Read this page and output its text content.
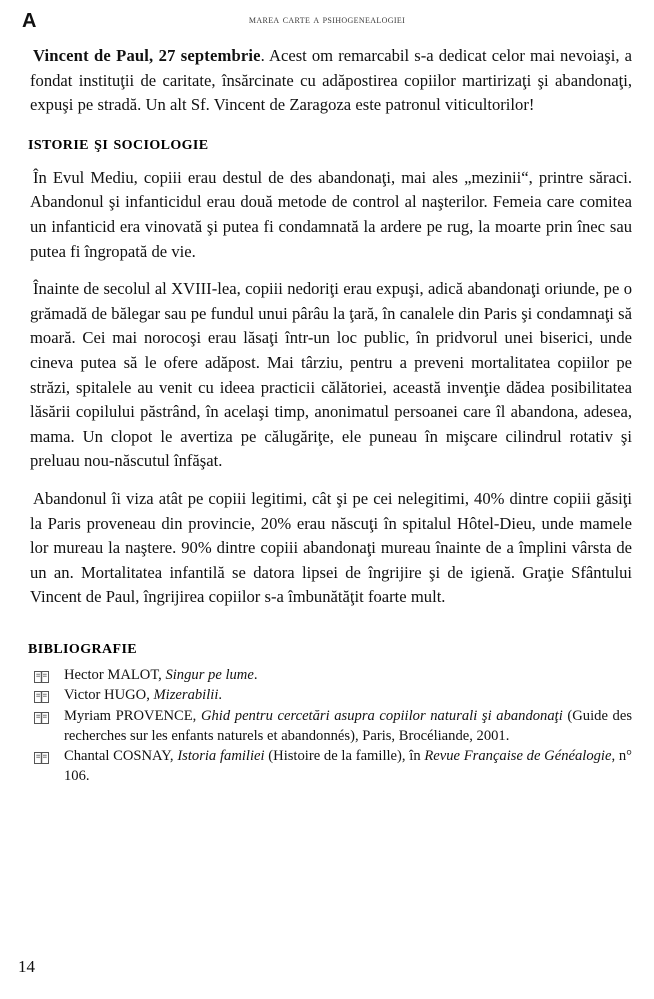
A	marea carte a psihogenealogiei

Vincent de Paul, 27 septembrie. Acest om remarcabil s-a dedicat celor mai nevoiaşi, a fondat instituţii de caritate, însărcinate cu adăpostirea copiilor martirizaţi şi abandonaţi, expuşi pe stradă. Un alt Sf. Vincent de Zaragoza este patronul viticultorilor!

istorie şi sociologie

În Evul Mediu, copiii erau destul de des abandonaţi, mai ales „mezinii“, printre săraci. Abandonul şi infanticidul erau două metode de control al naşterilor. Femeia care comitea un infanticid era vinovată şi putea fi condamnată la ardere pe rug, la moarte prin înec sau putea fi îngropată de vie.

Înainte de secolul al XVIII-lea, copiii nedoriţi erau expuşi, adică abandonaţi oriunde, pe o grămadă de bălegar sau pe fundul unui pârâu la ţară, în canalele din Paris şi condamnaţi să moară. Cei mai norocoşi erau lăsaţi într-un loc public, în pridvorul unei biserici, unde cineva putea să le ofere adăpost. Mai târziu, pentru a preveni mortalitatea copiilor pe străzi, spitalele au venit cu ideea practicii călătoriei, această invenţie dădea posibilitatea lăsării copilului păstrând, în acelaşi timp, anonimatul persoanei care îl abandona, adesea, mama. Un clopot le avertiza pe călugăriţe, ele puneau în mişcare cilindrul rotativ şi preluau nou-născutul înfăşat.

Abandonul îi viza atât pe copiii legitimi, cât şi pe cei nelegitimi, 40% dintre copiii găsiţi la Paris proveneau din provincie, 20% erau născuţi în spitalul Hôtel-Dieu, unde mamele lor mureau la naştere. 90% dintre copiii abandonaţi mureau înainte de a împlini vârsta de un an. Mortalitatea infantilă se datora lipsei de îngrijire şi de igienă. Graţie Sfântului Vincent de Paul, îngrijirea copiilor s-a îmbunătăţit foarte mult.

bibliografie
Hector MALOT, Singur pe lume.
Victor HUGO, Mizerabilii.
Myriam PROVENCE, Ghid pentru cercetări asupra copiilor naturali şi abandonaţi (Guide des recherches sur les enfants naturels et abandonnés), Paris, Brocéliande, 2001.
Chantal COSNAY, Istoria familiei (Histoire de la famille), în Revue Française de Généalogie, n° 106.
14
